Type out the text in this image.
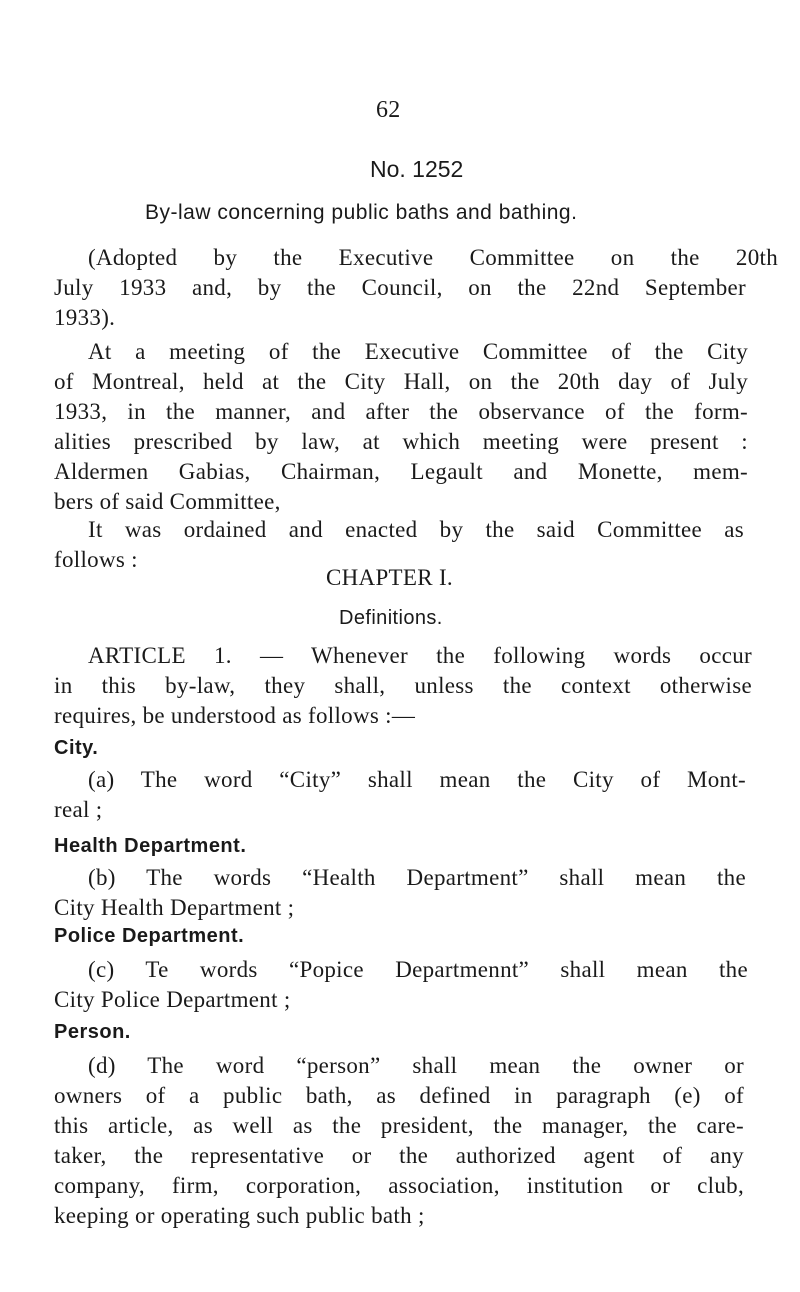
62
No. 1252
By-law concerning public baths and bathing.
(Adopted by the Executive Committee on the 20th
July 1933 and, by the Council, on the 22nd September
1933).
At a meeting of the Executive Committee of the City
of Montreal, held at the City Hall, on the 20th day of July
1933, in the manner, and after the observance of the form-
alities prescribed by law, at which meeting were present :
Aldermen Gabias, Chairman, Legault and Monette, mem-
bers of said Committee,
It was ordained and enacted by the said Committee as
follows :
CHAPTER I.
Definitions.
ARTICLE 1. — Whenever the following words occur
in this by-law, they shall, unless the context otherwise
requires, be understood as follows :—
City.
(a) The word “City” shall mean the City of Mont-
real ;
Health Department.
(b) The words “Health Department” shall mean the
City Health Department ;
Police Department.
(c) Te words “Popice Departmennt” shall mean the
City Police Department ;
Person.
(d) The word “person” shall mean the owner or
owners of a public bath, as defined in paragraph (e) of
this article, as well as the president, the manager, the care-
taker, the representative or the authorized agent of any
company, firm, corporation, association, institution or club,
keeping or operating such public bath ;
